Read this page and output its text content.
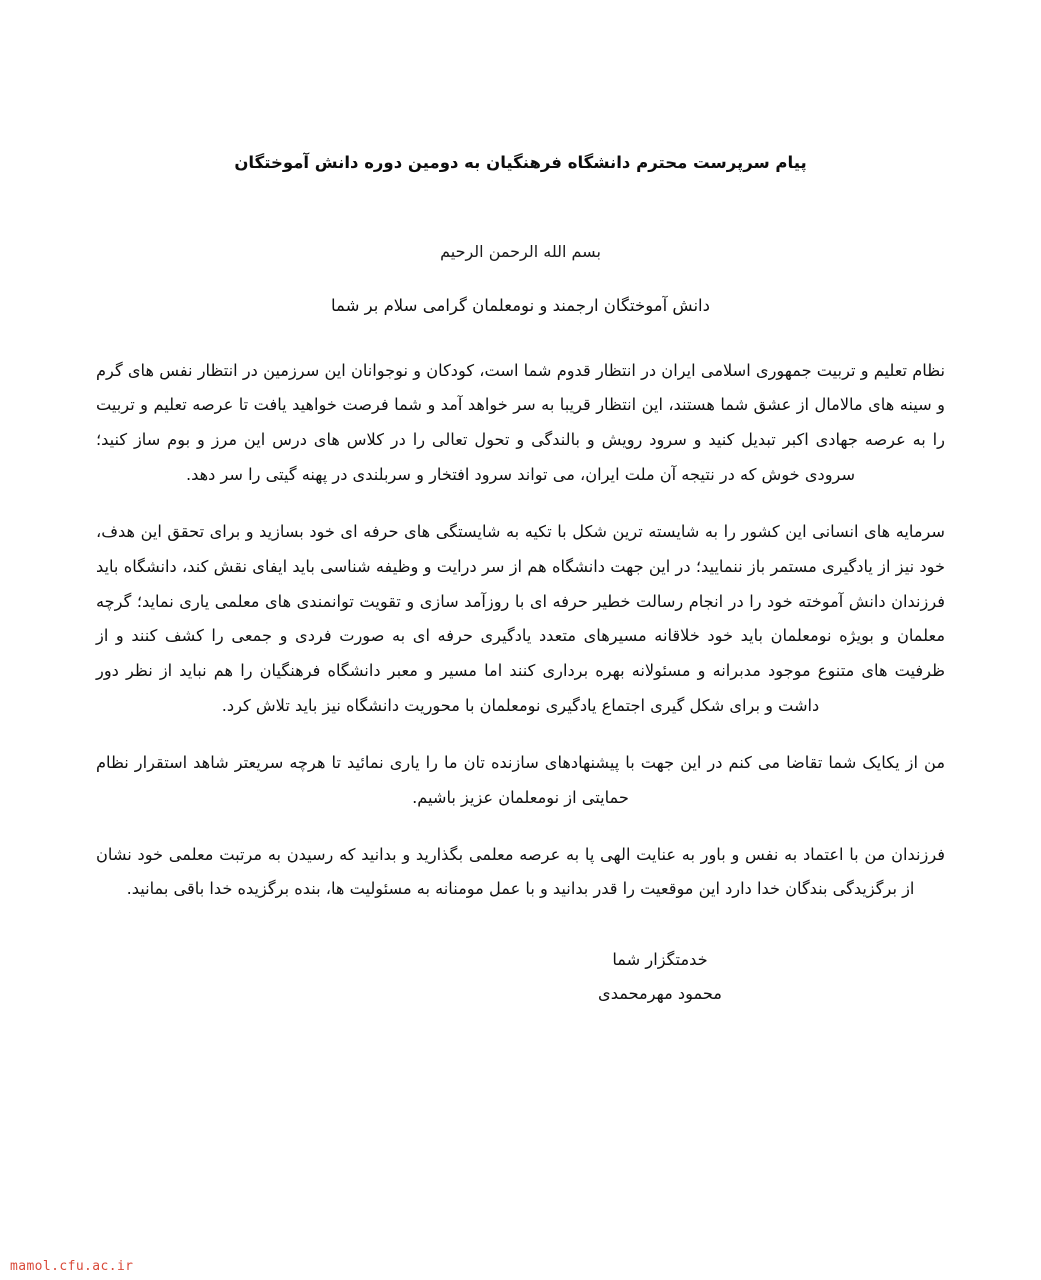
پیام سرپرست محترم دانشگاه فرهنگیان به دومین دوره دانش آموختگان
بسم الله الرحمن الرحیم
دانش آموختگان ارجمند و نومعلمان گرامی سلام بر شما
نظام تعلیم و تربیت جمهوری اسلامی ایران در انتظار قدوم شما است، کودکان و نوجوانان این سرزمین در انتظار نفس های گرم و سینه های مالامال از عشق شما هستند، این انتظار قریبا به سر خواهد آمد و شما فرصت خواهید یافت تا عرصه تعلیم و تربیت را به عرصه جهادی اکبر تبدیل کنید و سرود رویش و بالندگی و تحول تعالی را در کلاس های درس این مرز و بوم ساز کنید؛ سرودی خوش که در نتیجه آن ملت ایران، می تواند سرود افتخار و سربلندی در پهنه گیتی را سر دهد.
سرمایه های انسانی این کشور را به شایسته ترین شکل با تکیه به شایستگی های حرفه ای خود بسازید و برای تحقق این هدف، خود نیز از یادگیری مستمر باز ننمایید؛ در این جهت دانشگاه هم از سر درایت و وظیفه شناسی باید ایفای نقش کند، دانشگاه باید فرزندان دانش آموخته خود را در انجام رسالت خطیر حرفه ای با روزآمد سازی و تقویت توانمندی های معلمی یاری نماید؛ گرچه معلمان و بویژه نومعلمان باید خود خلاقانه مسیرهای متعدد یادگیری حرفه ای به صورت فردی و جمعی را کشف کنند و از ظرفیت های متنوع موجود مدبرانه و مسئولانه بهره برداری کنند اما مسیر و معبر دانشگاه فرهنگیان را هم نباید از نظر دور داشت و برای شکل گیری اجتماع یادگیری نومعلمان با محوریت دانشگاه نیز باید تلاش کرد.
من از یکایک شما تقاضا می کنم در این جهت با پیشنهادهای سازنده تان ما را یاری نمائید تا هرچه سریعتر شاهد استقرار نظام حمایتی از نومعلمان عزیز باشیم.
فرزندان من با اعتماد به نفس و باور به عنایت الهی پا به عرصه معلمی بگذارید و بدانید که رسیدن به مرتبت معلمی خود نشان از برگزیدگی بندگان خدا دارد این موقعیت را قدر بدانید و با عمل مومنانه به مسئولیت ها، بنده برگزیده خدا باقی بمانید.
خدمتگزار شما
محمود مهرمحمدی
mamol.cfu.ac.ir
